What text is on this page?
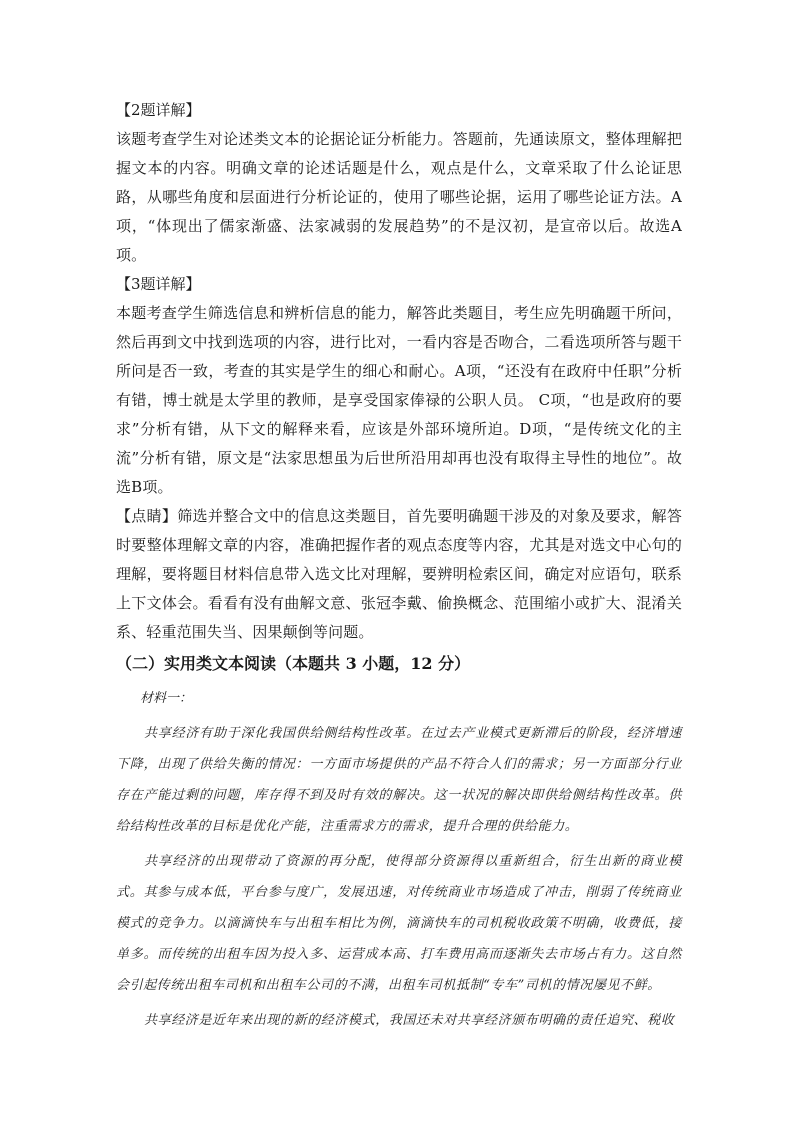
【2题详解】

该题考查学生对论述类文本的论据论证分析能力。答题前，先通读原文，整体理解把握文本的内容。明确文章的论述话题是什么，观点是什么，文章采取了什么论证思路，从哪些角度和层面进行分析论证的，使用了哪些论据，运用了哪些论证方法。A项，“体现出了儒家渐盛、法家减弱的发展趋势”的不是汉初，是宣帝以后。故选A项。

【3题详解】

本题考查学生筛选信息和辨析信息的能力，解答此类题目，考生应先明确题干所问，然后再到文中找到选项的内容，进行比对，一看内容是否吻合，二看选项所答与题干所问是否一致，考查的其实是学生的细心和耐心。A项，“还没有在政府中任职”分析有错，博士就是太学里的教师，是享受国家俸禄的公职人员。 C项，“也是政府的要求”分析有错，从下文的解释来看，应该是外部环境所迫。D项，“是传统文化的主流”分析有错，原文是“法家思想虽为后世所沿用却再也没有取得主导性的地位”。故选B项。

【点睛】筛选并整合文中的信息这类题目，首先要明确题干涉及的对象及要求，解答时要整体理解文章的内容，准确把握作者的观点态度等内容，尤其是对选文中心句的理解，要将题目材料信息带入选文比对理解，要辨明检索区间，确定对应语句，联系上下文体会。看看有没有曲解文意、张冠李戴、偷换概念、范围缩小或扩大、混淆关系、轻重范围失当、因果颠倒等问题。

（二）实用类文本阅读（本题共 3 小题，12 分）

材料一：

共享经济有助于深化我国供给侧结构性改革。在过去产业模式更新滞后的阶段，经济增速下降，出现了供给失衡的情况：一方面市场提供的产品不符合人们的需求；另一方面部分行业存在产能过剩的问题，库存得不到及时有效的解决。这一状况的解决即供给侧结构性改革。供给结构性改革的目标是优化产能，注重需求方的需求，提升合理的供给能力。

共享经济的出现带动了资源的再分配，使得部分资源得以重新组合，衍生出新的商业模式。其参与成本低，平台参与度广，发展迅速，对传统商业市场造成了冲击，削弱了传统商业模式的竞争力。以滴滴快车与出租车相比为例，滴滴快车的司机税收政策不明确，收费低，接单多。而传统的出租车因为投入多、运营成本高、打车费用高而逐渐失去市场占有力。这自然会引起传统出租车司机和出租车公司的不满，出租车司机抵制“专车”司机的情况屡见不鲜。

共享经济是近年来出现的新的经济模式，我国还未对共享经济颁布明确的责任追究、税收
